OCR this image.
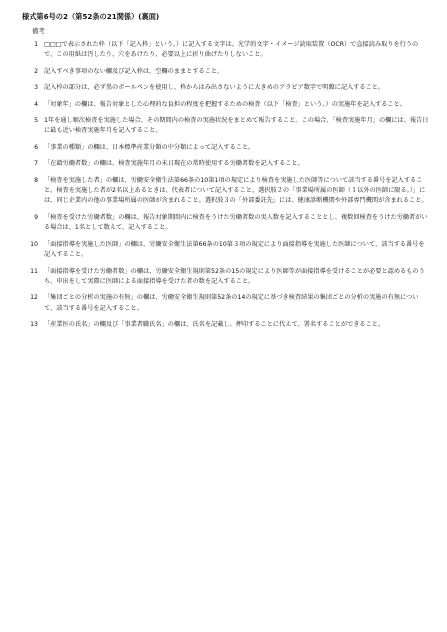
様式第6号の2（第52条の21関係）(裏面)
備考
1 □□□で表示された枠（以下「記入枠」という。）に記入する文字は、光学的文字・イメージ読取装置（OCR）で直接読み取りを行うので、この用紙は汚したり、穴をあけたり、必要以上に折り曲げたりしないこと。
2 記入すべき事項のない欄及び記入枠は、空欄のままとすること。
3 記入枠の部分は、必ず黒のボールペンを使用し、枠からはみ出さないように大きめのアラビア数字で明瞭に記入すること。
4 「対象年」の欄は、報告対象とした心理的な負担の程度を把握するための検査（以下「検査」という。）の実施年を記入すること。
5 1年を通し順次検査を実施した場合、その期間内の検査の実施状況をまとめて報告すること。この場合、「検査実施年月」の欄には、報告日に最も近い検査実施年月を記入すること。
6 「事業の種類」の欄は、日本標準産業分類の中分類によって記入すること。
7 「在籍労働者数」の欄は、検査実施年月の末日現在の常時使用する労働者数を記入すること。
8 「検査を実施した者」の欄は、労働安全衛生法第66条の10第1項の規定により検査を実施した医師等について該当する番号を記入すること。検査を実施した者が2名以上あるときは、代表者について記入すること。選択肢２の「事業場所属の医師（１以外の医師に限る。）」には、同じ企業内の他の事業場所属の医師が含まれること。選択肢３の「外部委託先」には、健康診断機関や外部専門機関が含まれること。
9 「検査を受けた労働者数」の欄は、報告対象期間内に検査をうけた労働者数の実人数を記入することとし、複数回検査をうけた労働者がいる場合は、1名として数えて、記入すること。
10 「面接指導を実施した医師」の欄は、労働安全衛生法第66条の10第３項の規定により面接指導を実施した医師について、該当する番号を記入すること。
11 「面接指導を受けた労働者数」の欄は、労働安全衛生規則第52条の15の規定により医師等が面接指導を受けることが必要と認めるものうち、申出をして実際に医師による面接指導を受けた者の数を記入すること。
12 「集団ごとの分析の実施の有無」の欄は、労働安全衛生規則第52条の14の規定に基づき検査結果の集団ごとの分析の実施の有無について、該当する番号を記入すること。
13 「産業医の氏名」の欄及び「事業者職氏名」の欄は、氏名を記載し、押印することに代えて、署名することができること。
